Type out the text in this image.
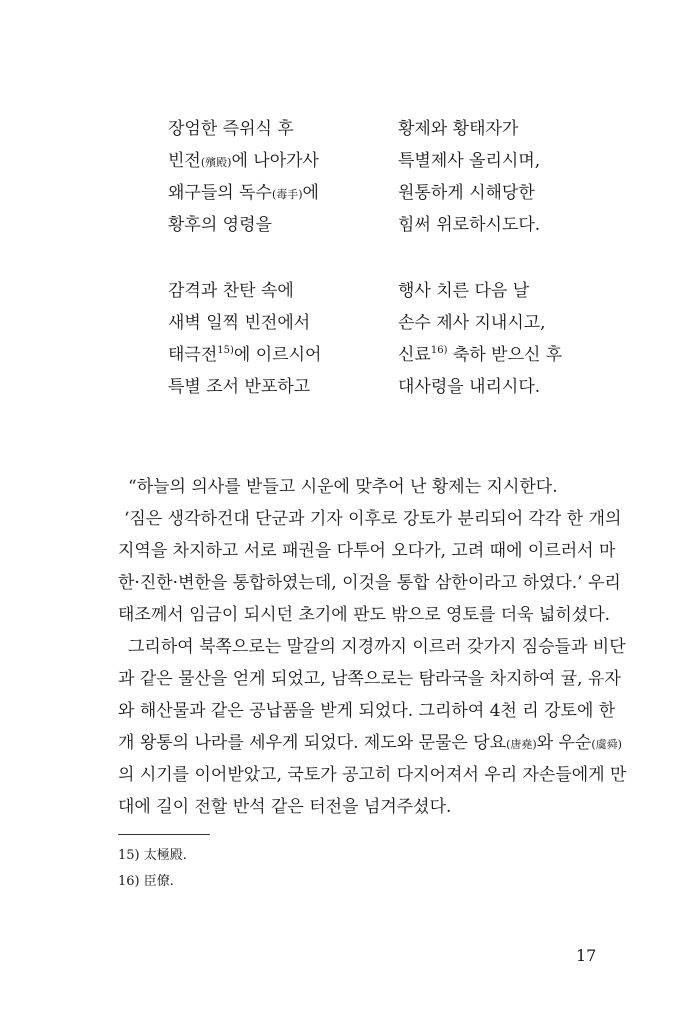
장엄한 즉위식 후
빈전(殯殿)에 나아가사
왜구들의 독수(毒手)에
황후의 영령을
황제와 황태자가
특별제사 올리시며,
원통하게 시해당한
힘써 위로하시도다.
감격과 찬탄 속에
새벽 일찍 빈전에서
태극전$^{15)}$에 이르시어
특별 조서 반포하고
행사 치른 다음 날
손수 제사 지내시고,
신료$^{16)}$ 축하 받으신 후
대사령을 내리시다.
“하늘의 의사를 받들고 시운에 맞추어 난 황제는 지시한다.
‘짐은 생각하건대 단군과 기자 이후로 강토가 분리되어 각각 한 개의
지역을 차지하고 서로 패권을 다투어 오다가, 고려 때에 이르러서 마
한·진한·변한을 통합하였는데, 이것을 통합 삼한이라고 하였다.’ 우리
태조께서 임금이 되시던 초기에 판도 밖으로 영토를 더욱 넓히셨다.
그리하여 북쪽으로는 말갈의 지경까지 이르러 갖가지 짐승들과 비단
과 같은 물산을 얻게 되었고, 남쪽으로는 탐라국을 차지하여 귤, 유자
와 해산물과 같은 공납품을 받게 되었다. 그리하여 4천 리 강토에 한
개 왕통의 나라를 세우게 되었다. 제도와 문물은 당요(唐堯)와 우순(虞舜)
의 시기를 이어받았고, 국토가 공고히 다지어져서 우리 자손들에게 만
대에 길이 전할 반석 같은 터전을 넘겨주셨다.
15) 太極殿.
16) 臣僚.
17
